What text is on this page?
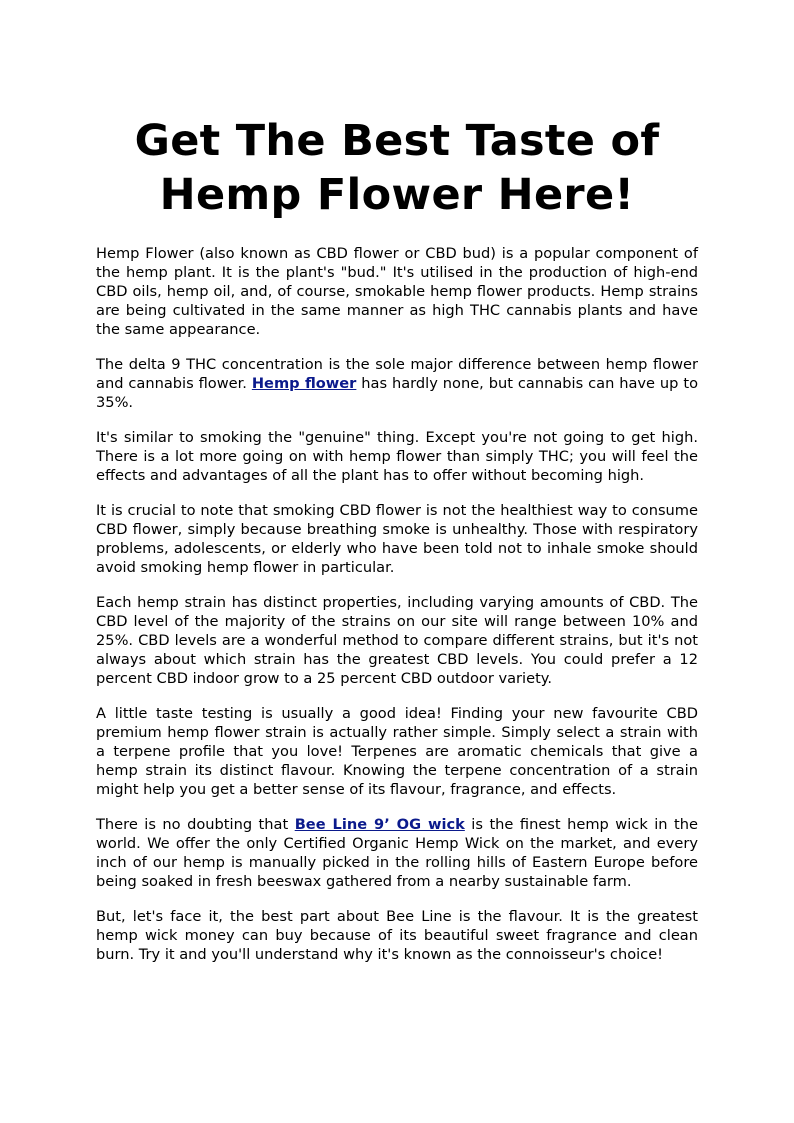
Get The Best Taste of Hemp Flower Here!

Hemp Flower (also known as CBD flower or CBD bud) is a popular component of the hemp plant. It is the plant's "bud." It's utilised in the production of high-end CBD oils, hemp oil, and, of course, smokable hemp flower products. Hemp strains are being cultivated in the same manner as high THC cannabis plants and have the same appearance.

The delta 9 THC concentration is the sole major difference between hemp flower and cannabis flower. Hemp flower has hardly none, but cannabis can have up to 35%.

It's similar to smoking the "genuine" thing. Except you're not going to get high. There is a lot more going on with hemp flower than simply THC; you will feel the effects and advantages of all the plant has to offer without becoming high.

It is crucial to note that smoking CBD flower is not the healthiest way to consume CBD flower, simply because breathing smoke is unhealthy. Those with respiratory problems, adolescents, or elderly who have been told not to inhale smoke should avoid smoking hemp flower in particular.

Each hemp strain has distinct properties, including varying amounts of CBD. The CBD level of the majority of the strains on our site will range between 10% and 25%. CBD levels are a wonderful method to compare different strains, but it's not always about which strain has the greatest CBD levels. You could prefer a 12 percent CBD indoor grow to a 25 percent CBD outdoor variety.

A little taste testing is usually a good idea! Finding your new favourite CBD premium hemp flower strain is actually rather simple. Simply select a strain with a terpene profile that you love! Terpenes are aromatic chemicals that give a hemp strain its distinct flavour. Knowing the terpene concentration of a strain might help you get a better sense of its flavour, fragrance, and effects.

There is no doubting that Bee Line 9’ OG wick is the finest hemp wick in the world. We offer the only Certified Organic Hemp Wick on the market, and every inch of our hemp is manually picked in the rolling hills of Eastern Europe before being soaked in fresh beeswax gathered from a nearby sustainable farm.

But, let's face it, the best part about Bee Line is the flavour. It is the greatest hemp wick money can buy because of its beautiful sweet fragrance and clean burn. Try it and you'll understand why it's known as the connoisseur's choice!
